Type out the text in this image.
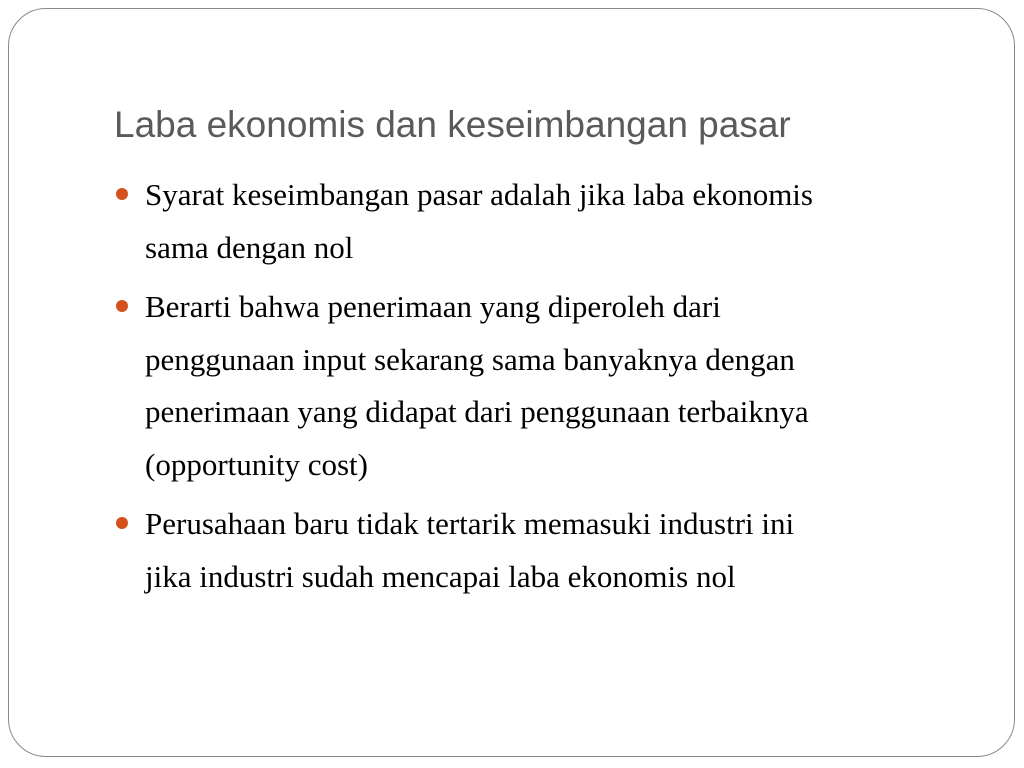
Laba ekonomis dan keseimbangan pasar
Syarat keseimbangan pasar adalah jika laba ekonomis
sama dengan nol
Berarti bahwa penerimaan yang diperoleh dari
penggunaan input sekarang sama banyaknya dengan
penerimaan yang didapat dari penggunaan terbaiknya
(opportunity cost)
Perusahaan baru tidak tertarik memasuki industri ini
jika industri sudah mencapai laba ekonomis nol
